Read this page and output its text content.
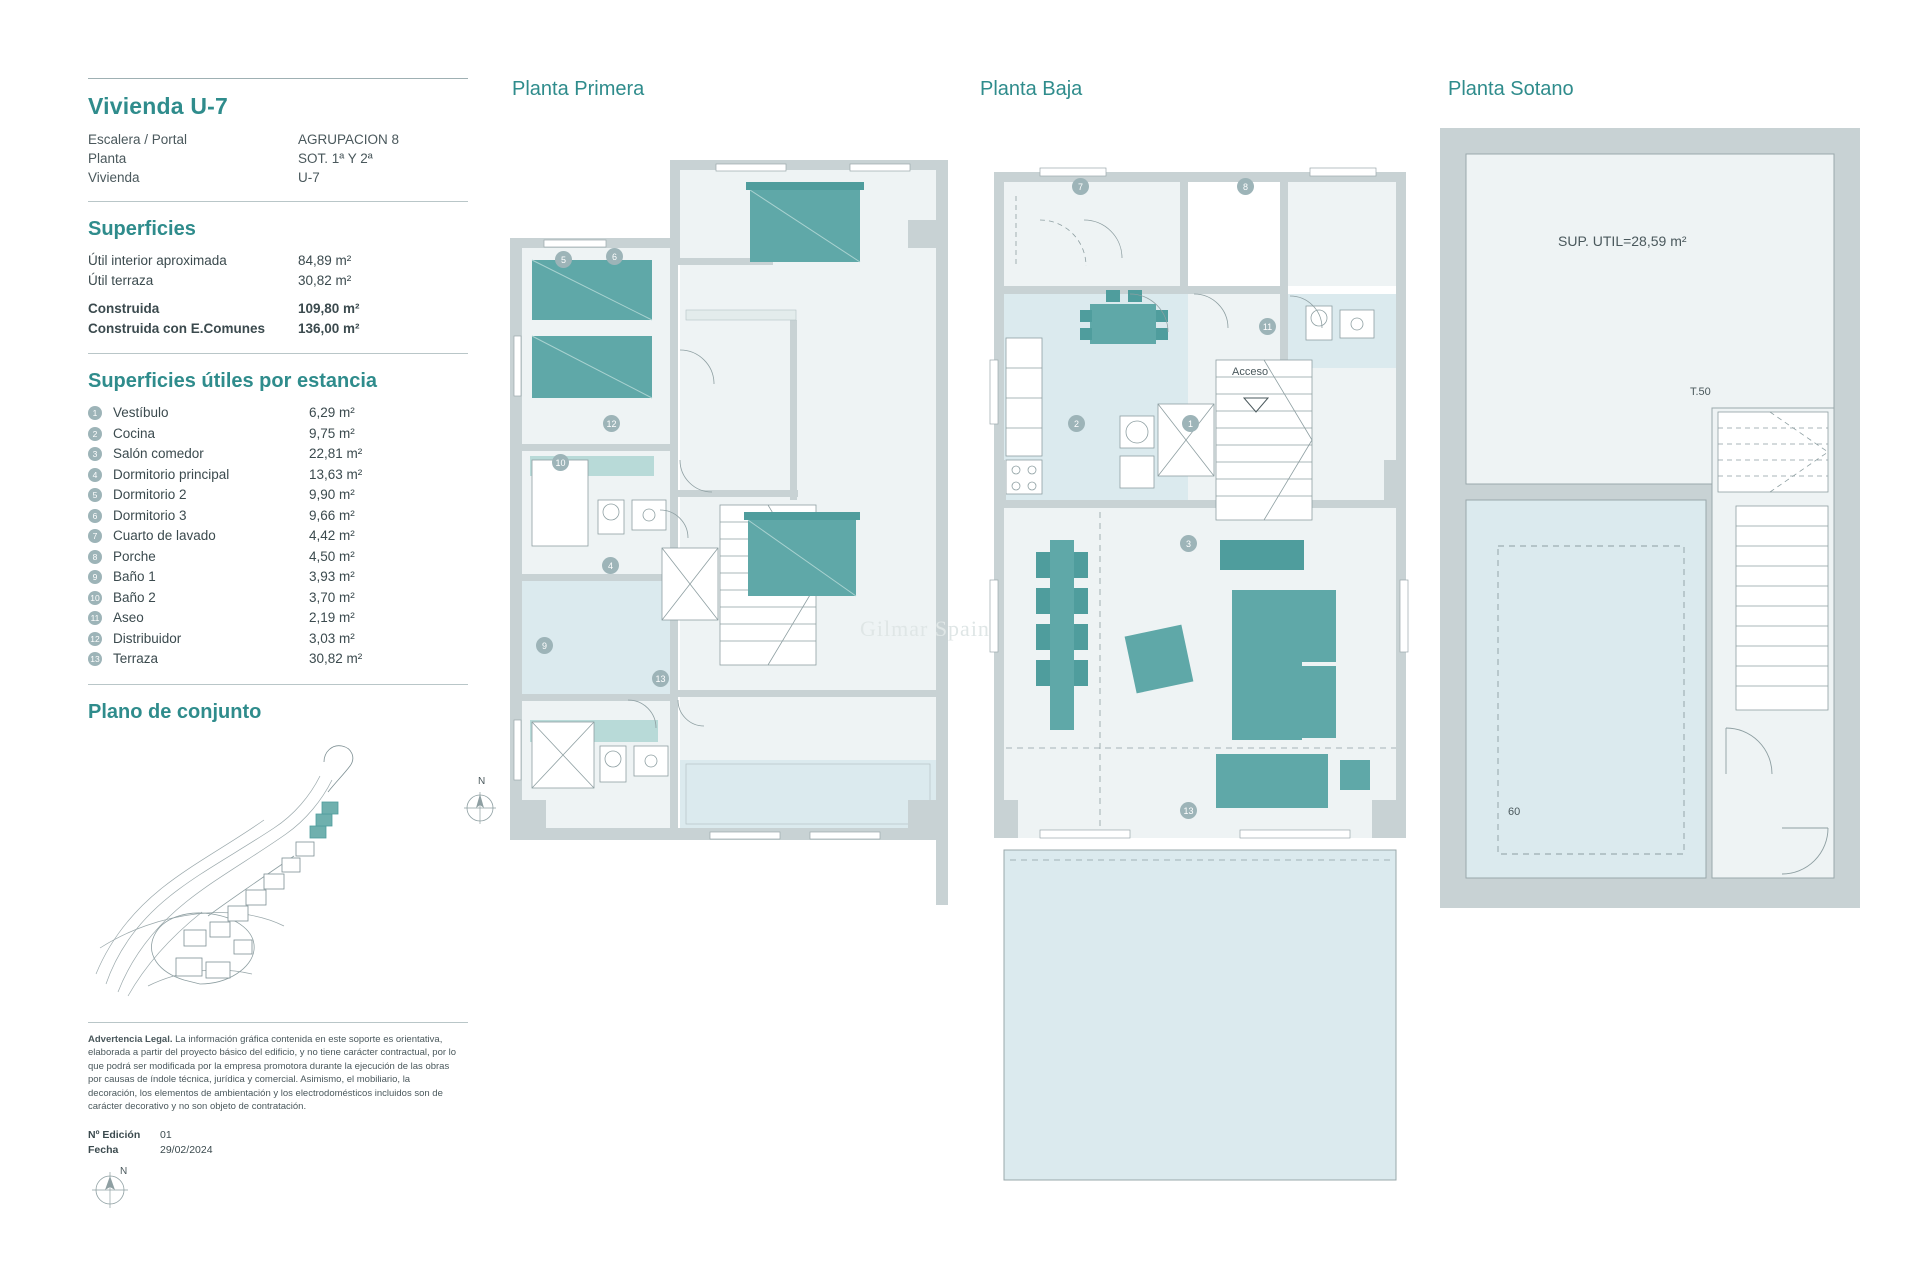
Vivienda U-7
Escalera / Portal	AGRUPACION 8
Planta	SOT. 1ª Y 2ª
Vivienda	U-7
Superficies
Útil interior aproximada	84,89 m²
Útil terraza	30,82 m²
Construida	109,80 m²
Construida con E.Comunes	136,00 m²
Superficies útiles por estancia
1	Vestíbulo	6,29 m²
2	Cocina	9,75 m²
3	Salón comedor	22,81 m²
4	Dormitorio principal	13,63 m²
5	Dormitorio 2	9,90 m²
6	Dormitorio 3	9,66 m²
7	Cuarto de lavado	4,42 m²
8	Porche	4,50 m²
9	Baño 1	3,93 m²
10 Baño 2	3,70 m²
11 Aseo	2,19 m²
12 Distribuidor	3,03 m²
13 Terraza	30,82 m²
Plano de conjunto
N

Advertencia Legal. La información gráfica contenida en este soporte es orientativa, elaborada a partir del proyecto básico del edificio, y no tiene carácter contractual, por lo que podrá ser modificada por la empresa promotora durante la ejecución de las obras por causas de índole técnica, jurídica y comercial. Asimismo, el mobiliario, la decoración, los elementos de ambientación y los electrodomésticos incluidos son de carácter decorativo y no son objeto de contratación.

Nº Edición	01
Fecha	29/02/2024
N
Planta Primera
5	6
12
10
4
9
13
Planta Baja
Acceso
7	8
11
2	1
3
13
Planta Sotano
SUP. UTIL=28,59 m²
T.50
60
Gilmar Spain
